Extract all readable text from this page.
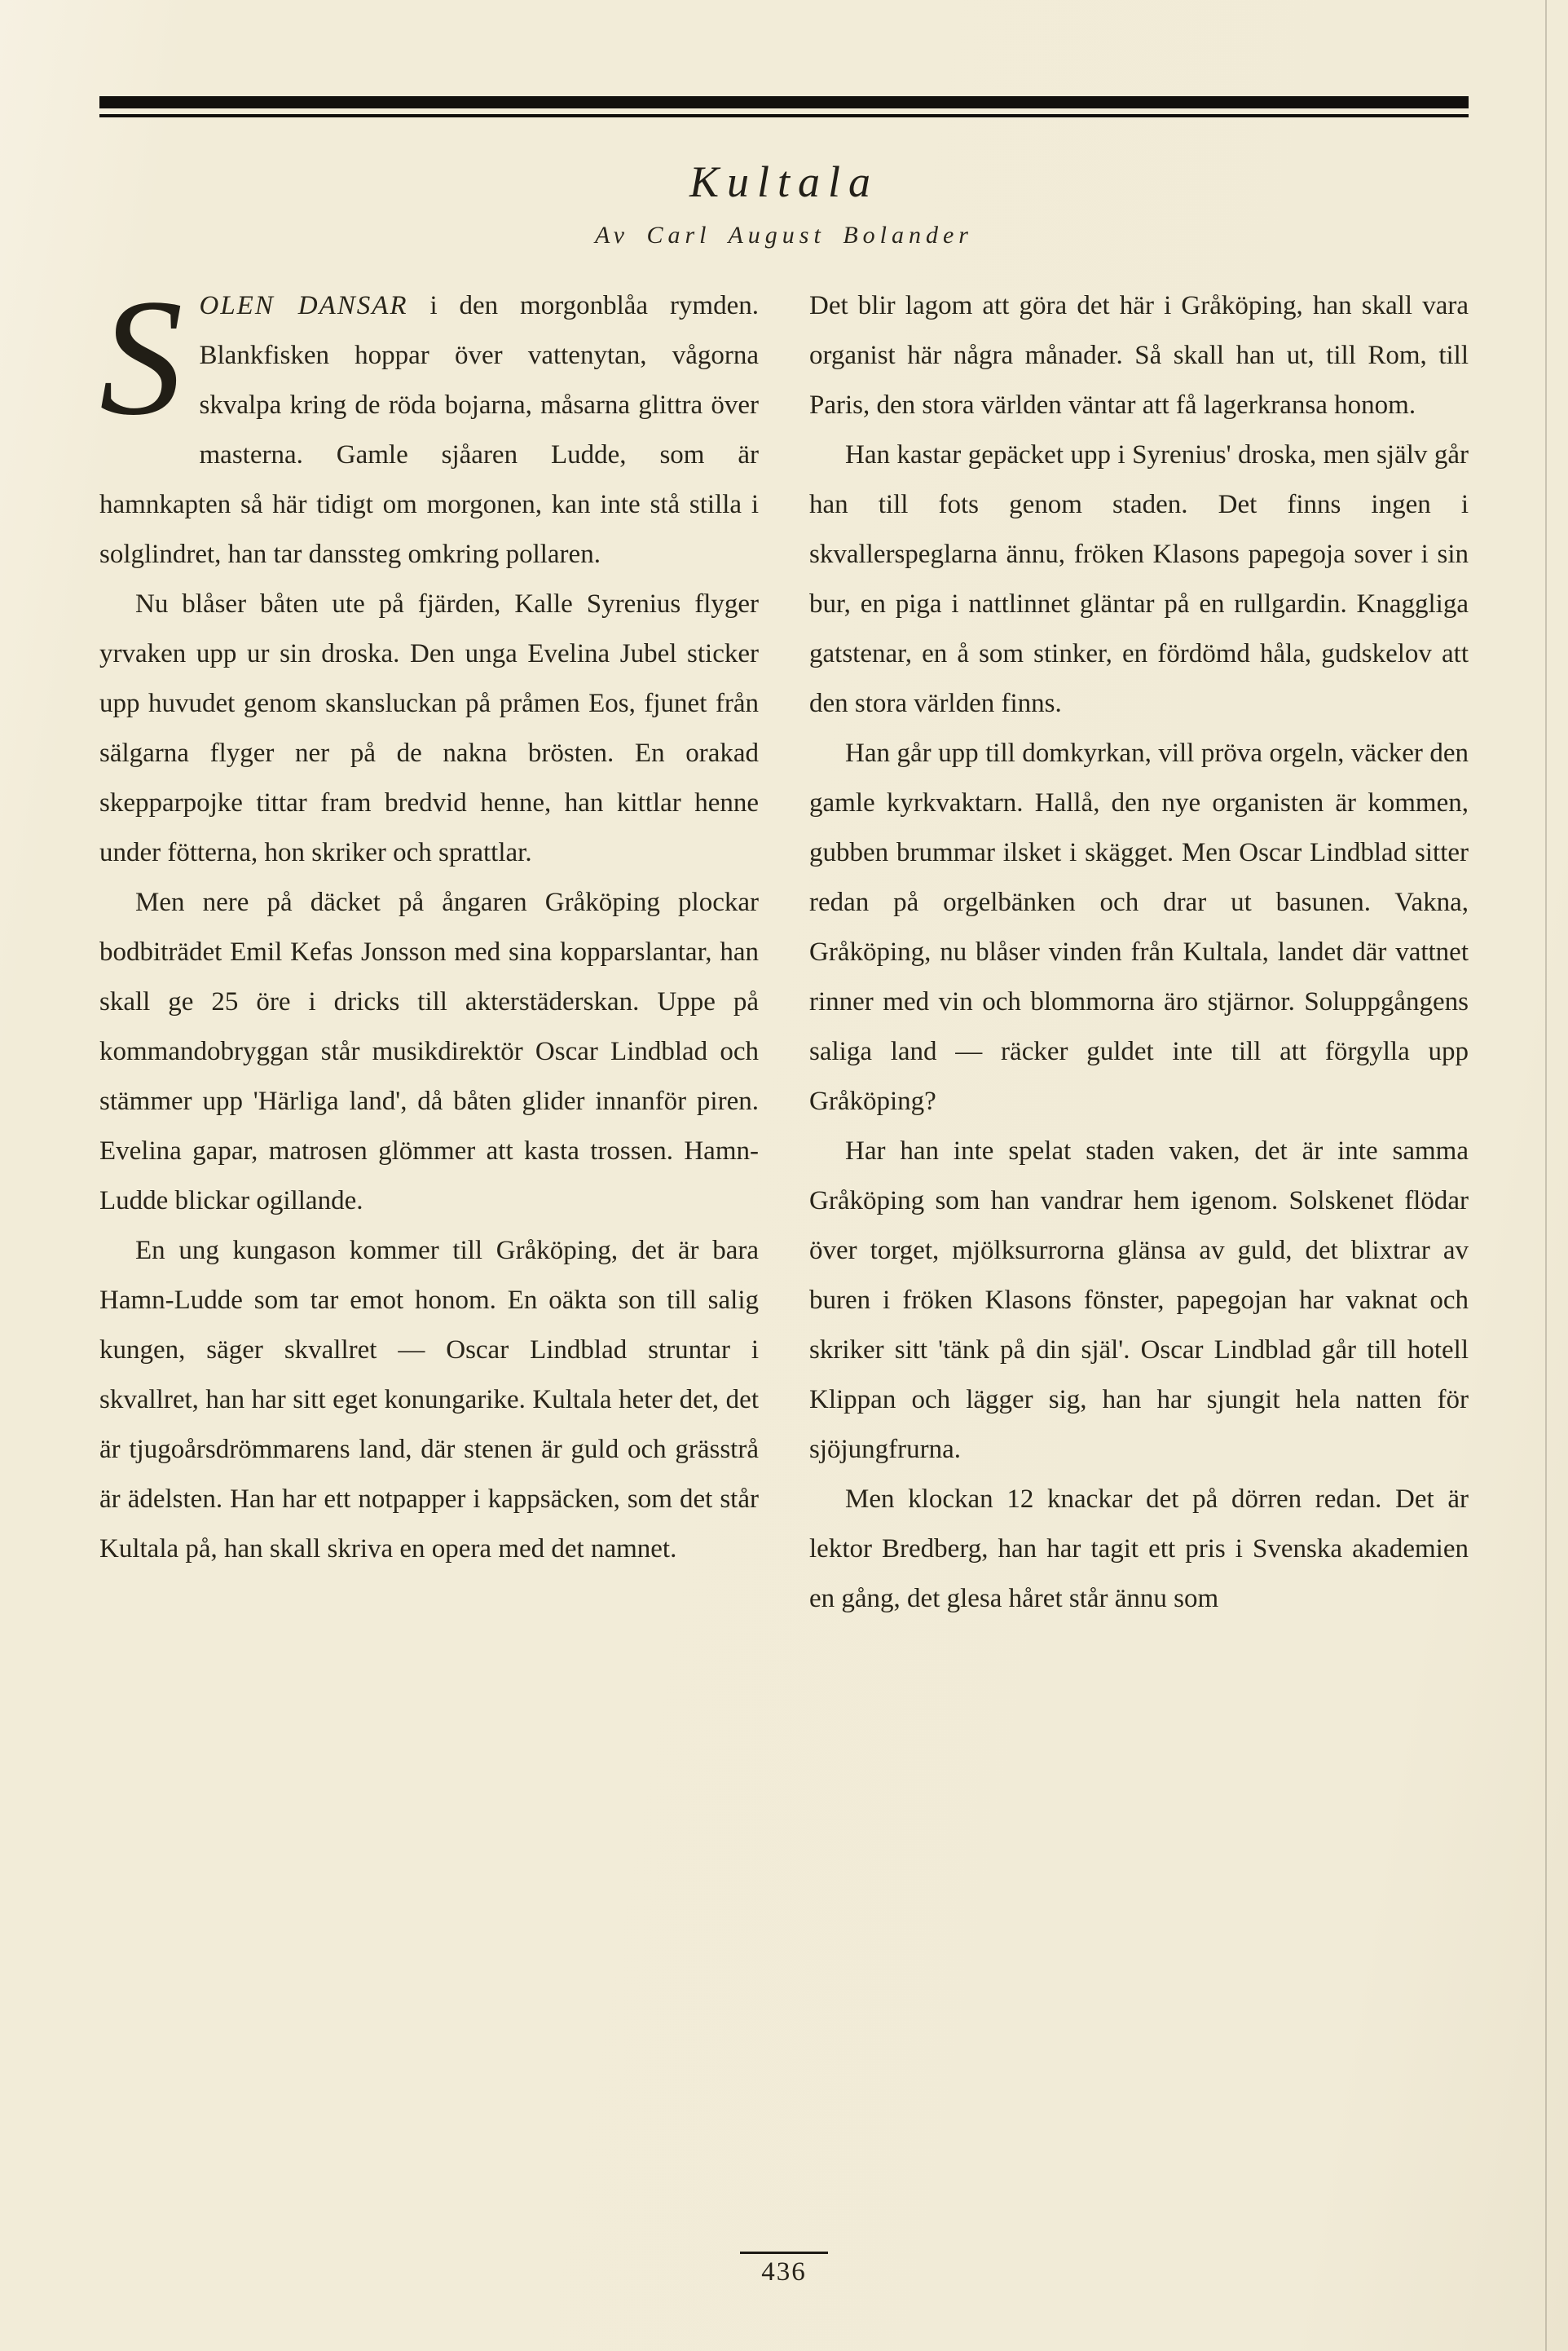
Kultala
Av Carl August Bolander

SOLEN DANSAR i den morgonblåa rymden. Blankfisken hoppar över vattenytan, vågorna skvalpa kring de röda bojarna, måsarna glittra över masterna. Gamle sjåaren Ludde, som är hamnkapten så här tidigt om morgonen, kan inte stå stilla i solglindret, han tar danssteg omkring pollaren.

Nu blåser båten ute på fjärden, Kalle Syrenius flyger yrvaken upp ur sin droska. Den unga Evelina Jubel sticker upp huvudet genom skansluckan på pråmen Eos, fjunet från sälgarna flyger ner på de nakna brösten. En orakad skepparpojke tittar fram bredvid henne, han kittlar henne under fötterna, hon skriker och sprattlar.

Men nere på däcket på ångaren Gråköping plockar bodbiträdet Emil Kefas Jonsson med sina kopparslantar, han skall ge 25 öre i dricks till akterstäderskan. Uppe på kommandobryggan står musikdirektör Oscar Lindblad och stämmer upp 'Härliga land', då båten glider innanför piren. Evelina gapar, matrosen glömmer att kasta trossen. Hamn-Ludde blickar ogillande.

En ung kungason kommer till Gråköping, det är bara Hamn-Ludde som tar emot honom. En oäkta son till salig kungen, säger skvallret — Oscar Lindblad struntar i skvallret, han har sitt eget konungarike. Kultala heter det, det är tjugoårsdrömmarens land, där stenen är guld och grässtrå är ädelsten. Han har ett notpapper i kappsäcken, som det står Kultala på, han skall skriva en opera med det namnet.

Det blir lagom att göra det här i Gråköping, han skall vara organist här några månader. Så skall han ut, till Rom, till Paris, den stora världen väntar att få lagerkransa honom.

Han kastar gepäcket upp i Syrenius' droska, men själv går han till fots genom staden. Det finns ingen i skvallerspeglarna ännu, fröken Klasons papegoja sover i sin bur, en piga i nattlinnet gläntar på en rullgardin. Knaggliga gatstenar, en å som stinker, en fördömd håla, gudskelov att den stora världen finns.

Han går upp till domkyrkan, vill pröva orgeln, väcker den gamle kyrkvaktarn. Hallå, den nye organisten är kommen, gubben brummar ilsket i skägget. Men Oscar Lindblad sitter redan på orgelbänken och drar ut basunen. Vakna, Gråköping, nu blåser vinden från Kultala, landet där vattnet rinner med vin och blommorna äro stjärnor. Soluppgångens saliga land — räcker guldet inte till att förgylla upp Gråköping?

Har han inte spelat staden vaken, det är inte samma Gråköping som han vandrar hem igenom. Solskenet flödar över torget, mjölksurrorna glänsa av guld, det blixtrar av buren i fröken Klasons fönster, papegojan har vaknat och skriker sitt 'tänk på din själ'. Oscar Lindblad går till hotell Klippan och lägger sig, han har sjungit hela natten för sjöjungfrurna.

Men klockan 12 knackar det på dörren redan. Det är lektor Bredberg, han har tagit ett pris i Svenska akademien en gång, det glesa håret står ännu som

436
